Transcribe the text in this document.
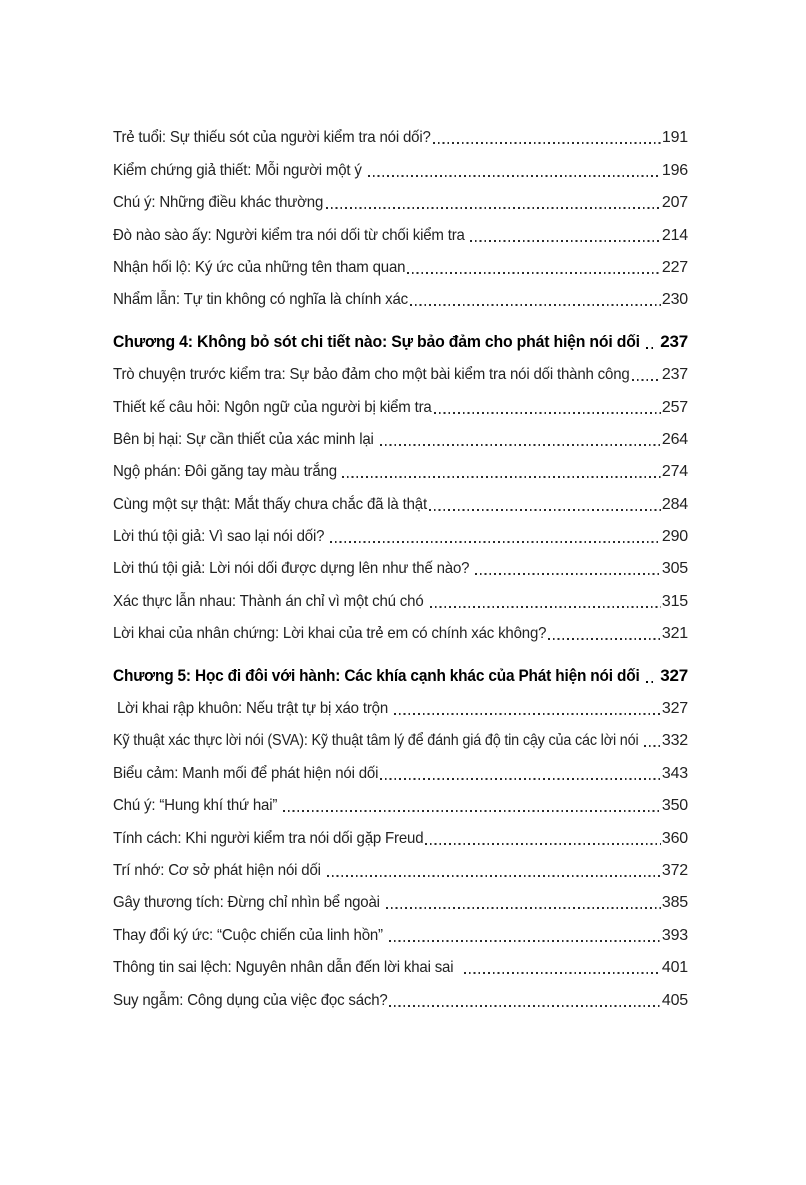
Trẻ tuổi: Sự thiếu sót của người kiểm tra nói dối?	191
Kiểm chứng giả thiết: Mỗi người một ý	196
Chú ý: Những điều khác thường	207
Đò nào sào ấy: Người kiểm tra nói dối từ chối kiểm tra	214
Nhận hối lộ: Ký ức của những tên tham quan	227
Nhẩm lẫn: Tự tin không có nghĩa là chính xác	230
Chương 4: Không bỏ sót chi tiết nào: Sự bảo đảm cho phát hiện nói dối 237
Trò chuyện trước kiểm tra: Sự bảo đảm cho một bài kiểm tra nói dối thành công 237
Thiết kế câu hỏi: Ngôn ngữ của người bị kiểm tra	257
Bên bị hại: Sự cần thiết của xác minh lại	264
Ngộ phán: Đôi găng tay màu trắng	274
Cùng một sự thật: Mắt thấy chưa chắc đã là thật	284
Lời thú tội giả: Vì sao lại nói dối?	290
Lời thú tội giả: Lời nói dối được dựng lên như thế nào?	305
Xác thực lẫn nhau: Thành án chỉ vì một chú chó	315
Lời khai của nhân chứng: Lời khai của trẻ em có chính xác không?	321
Chương 5: Học đi đôi với hành: Các khía cạnh khác của Phát hiện nói dối 327
Lời khai rập khuôn: Nếu trật tự bị xáo trộn	327
Kỹ thuật xác thực lời nói (SVA): Kỹ thuật tâm lý để đánh giá độ tin cậy của các lời nói 332
Biểu cảm: Manh mối để phát hiện nói dối	343
Chú ý: “Hung khí thứ hai”	350
Tính cách: Khi người kiểm tra nói dối gặp Freud	360
Trí nhớ: Cơ sở phát hiện nói dối	372
Gây thương tích: Đừng chỉ nhìn bể ngoài	385
Thay đổi ký ức: “Cuộc chiến của linh hồn”	393
Thông tin sai lệch: Nguyên nhân dẫn đến lời khai sai	401
Suy ngẫm: Công dụng của việc đọc sách?	405
